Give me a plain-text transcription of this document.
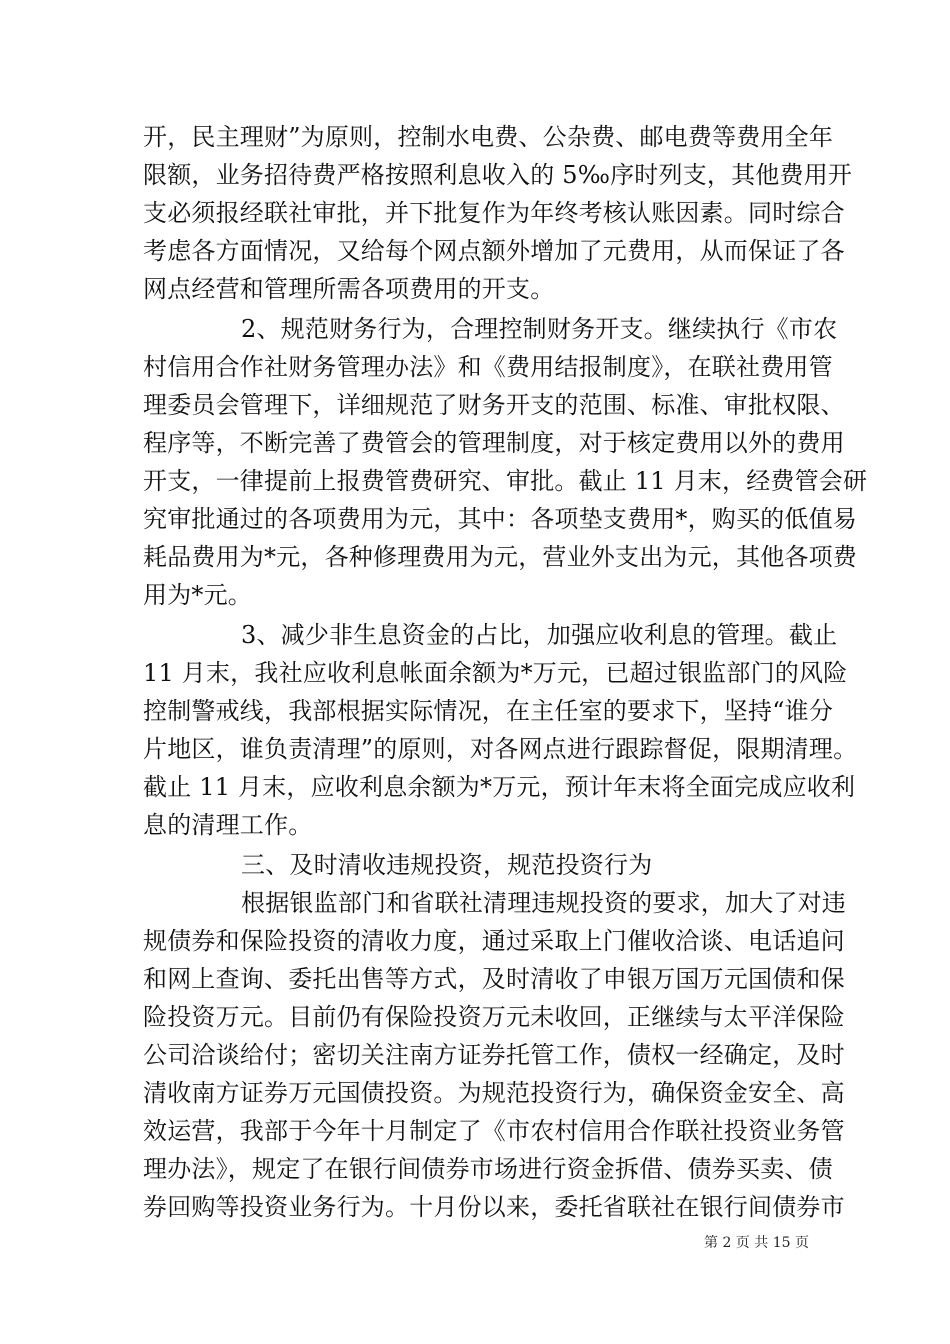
开，民主理财”为原则，控制水电费、公杂费、邮电费等费用全年
限额，业务招待费严格按照利息收入的 5‰序时列支，其他费用开
支必须报经联社审批，并下批复作为年终考核认账因素。同时综合
考虑各方面情况，又给每个网点额外增加了元费用，从而保证了各
网点经营和管理所需各项费用的开支。
2、规范财务行为，合理控制财务开支。继续执行《市农
村信用合作社财务管理办法》和《费用结报制度》，在联社费用管
理委员会管理下，详细规范了财务开支的范围、标准、审批权限、
程序等，不断完善了费管会的管理制度，对于核定费用以外的费用
开支，一律提前上报费管费研究、审批。截止 11 月末，经费管会研
究审批通过的各项费用为元，其中：各项垫支费用*，购买的低值易
耗品费用为*元，各种修理费用为元，营业外支出为元，其他各项费
用为*元。
3、减少非生息资金的占比，加强应收利息的管理。截止
11 月末，我社应收利息帐面余额为*万元，已超过银监部门的风险
控制警戒线，我部根据实际情况，在主任室的要求下，坚持“谁分
片地区，谁负责清理”的原则，对各网点进行跟踪督促，限期清理。
截止 11 月末，应收利息余额为*万元，预计年末将全面完成应收利
息的清理工作。
三、及时清收违规投资，规范投资行为
根据银监部门和省联社清理违规投资的要求，加大了对违
规债券和保险投资的清收力度，通过采取上门催收洽谈、电话追问
和网上查询、委托出售等方式，及时清收了申银万国万元国债和保
险投资万元。目前仍有保险投资万元未收回，正继续与太平洋保险
公司洽谈给付；密切关注南方证券托管工作，债权一经确定，及时
清收南方证券万元国债投资。为规范投资行为，确保资金安全、高
效运营，我部于今年十月制定了《市农村信用合作联社投资业务管
理办法》，规定了在银行间债券市场进行资金拆借、债券买卖、债
券回购等投资业务行为。十月份以来，委托省联社在银行间债券市
第 2 页 共 15 页
